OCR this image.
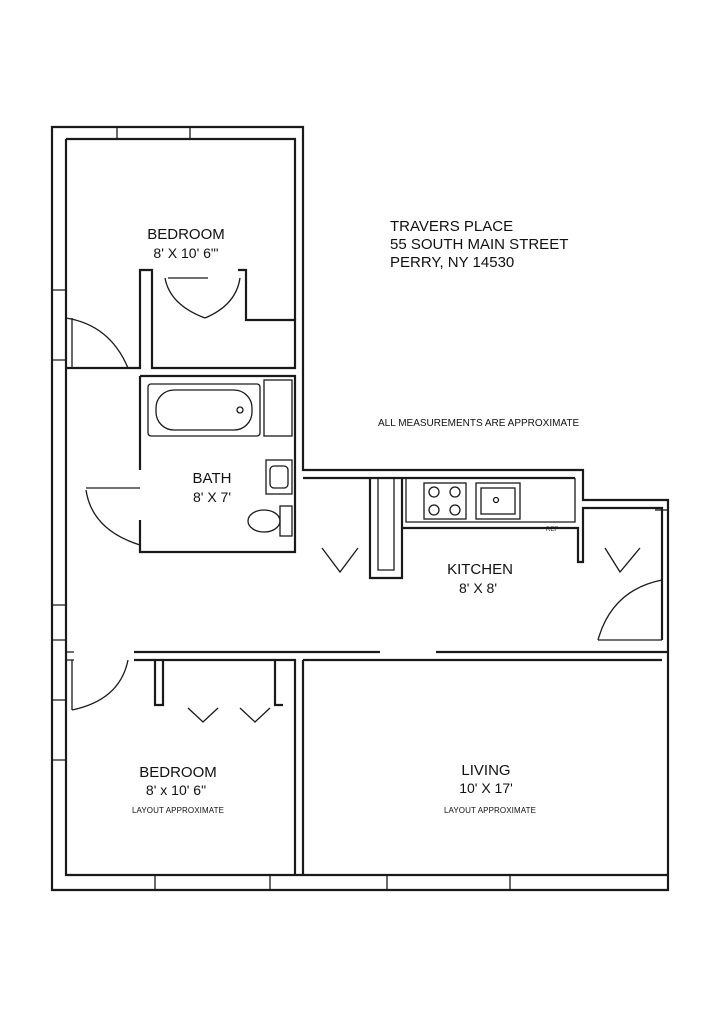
BEDROOM
8' X 10' 6"'
BATH
8' X 7'
KITCHEN
8' X 8'
BEDROOM
8' x 10' 6"
LAYOUT APPROXIMATE
LIVING
10' X 17'
LAYOUT APPROXIMATE
REF
TRAVERS PLACE
55 SOUTH MAIN STREET
PERRY, NY 14530
ALL MEASUREMENTS ARE APPROXIMATE
